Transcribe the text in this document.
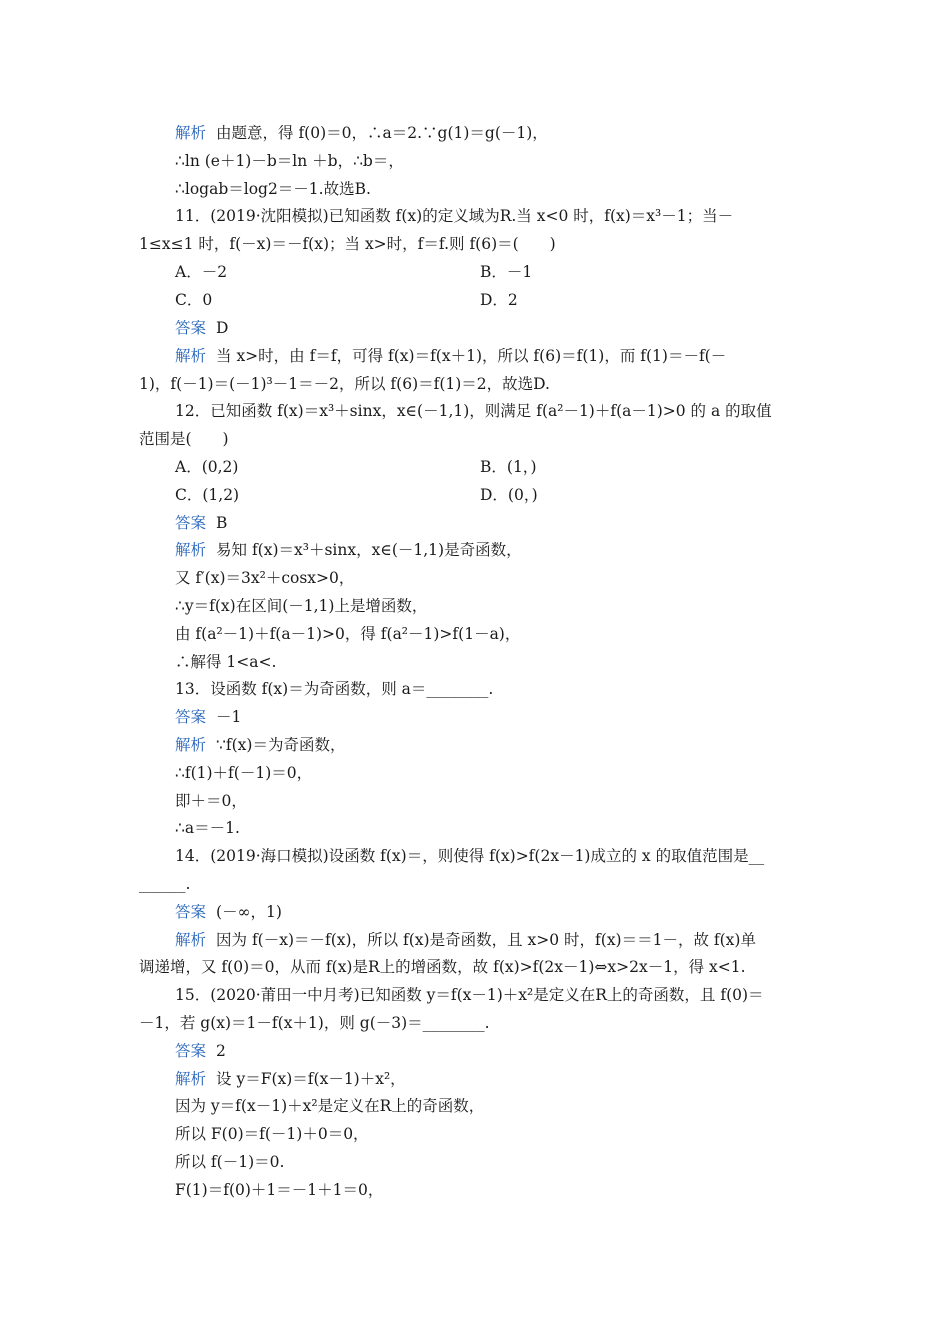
解析 由题意，得 f(0)＝0，∴a＝2.∵g(1)＝g(－1)，
∴ln (e＋1)－b＝ln ＋b，∴b＝，
∴logab＝log2＝－1.故选B.
11．(2019·沈阳模拟)已知函数 f(x)的定义域为R.当 x<0 时，f(x)＝x³－1；当－
1≤x≤1 时，f(－x)＝－f(x)；当 x>时，f＝f.则 f(6)＝(　　)
A．－2	B．－1
C．0	D．2
答案 D
解析 当 x>时，由 f＝f，可得 f(x)＝f(x＋1)，所以 f(6)＝f(1)，而 f(1)＝－f(－
1)，f(－1)＝(－1)³－1＝－2，所以 f(6)＝f(1)＝2，故选D.
12．已知函数 f(x)＝x³＋sinx，x∈(－1,1)，则满足 f(a²－1)＋f(a－1)>0 的 a 的取值
范围是(　　)
A．(0,2)	B．(1，)
C．(1,2)	D．(0，)
答案 B
解析 易知 f(x)＝x³＋sinx，x∈(－1,1)是奇函数，
又 f′(x)＝3x²＋cosx>0，
∴y＝f(x)在区间(－1,1)上是增函数，
由 f(a²－1)＋f(a－1)>0，得 f(a²－1)>f(1－a)，
∴解得 1<a<.
13．设函数 f(x)＝为奇函数，则 a＝________.
答案 －1
解析 ∵f(x)＝为奇函数，
∴f(1)＋f(－1)＝0，
即＋＝0，
∴a＝－1.
14．(2019·海口模拟)设函数 f(x)＝，则使得 f(x)>f(2x－1)成立的 x 的取值范围是__
______.
答案 (－∞，1)
解析 因为 f(－x)＝－f(x)，所以 f(x)是奇函数，且 x>0 时，f(x)＝＝1－，故 f(x)单
调递增，又 f(0)＝0，从而 f(x)是R上的增函数，故 f(x)>f(2x－1)⇔x>2x－1，得 x<1.
15．(2020·莆田一中月考)已知函数 y＝f(x－1)＋x²是定义在R上的奇函数，且 f(0)＝
－1，若 g(x)＝1－f(x＋1)，则 g(－3)＝________.
答案 2
解析 设 y＝F(x)＝f(x－1)＋x²，
因为 y＝f(x－1)＋x²是定义在R上的奇函数，
所以 F(0)＝f(－1)＋0＝0，
所以 f(－1)＝0.
F(1)＝f(0)＋1＝－1＋1＝0，
